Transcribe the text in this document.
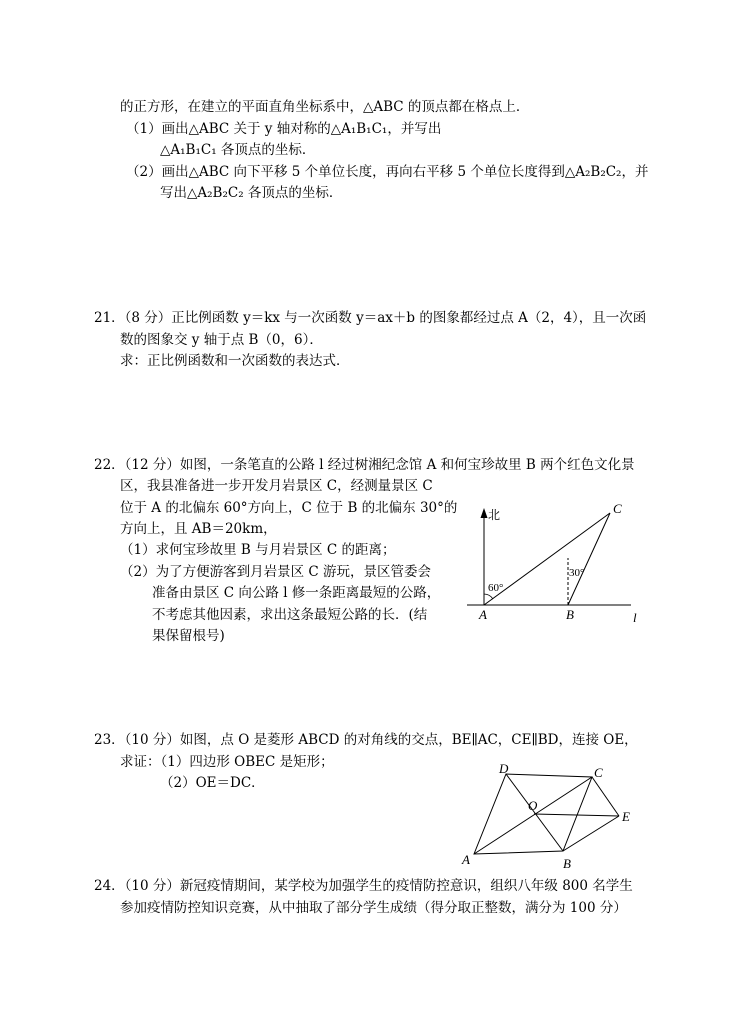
的正方形，在建立的平面直角坐标系中，△ABC 的顶点都在格点上．
（1）画出△ABC 关于 y 轴对称的△A₁B₁C₁，并写出
△A₁B₁C₁ 各顶点的坐标．
（2）画出△ABC 向下平移 5 个单位长度，再向右平移 5 个单位长度得到△A₂B₂C₂，并
写出△A₂B₂C₂ 各顶点的坐标．
21．（8 分）正比例函数 y＝kx 与一次函数 y＝ax＋b 的图象都经过点 A（2，4），且一次函
数的图象交 y 轴于点 B（0，6）．
求：正比例函数和一次函数的表达式．
22．（12 分）如图，一条笔直的公路 l 经过树湘纪念馆 A 和何宝珍故里 B 两个红色文化景
区，我县准备进一步开发月岩景区 C，经测量景区 C
位于 A 的北偏东 60°方向上，C 位于 B 的北偏东 30°的
方向上，且 AB＝20km，
（1）求何宝珍故里 B 与月岩景区 C 的距离；
（2）为了方便游客到月岩景区 C 游玩，景区管委会
准备由景区 C 向公路 l 修一条距离最短的公路，
不考虑其他因素，求出这条最短公路的长．(结
果保留根号)
北
60°
30°
A	B
C
l
23．（10 分）如图，点 O 是菱形 ABCD 的对角线的交点，BE∥AC，CE∥BD，连接 OE，
求证：（1）四边形 OBEC 是矩形；
（2）OE＝DC．
A	B
C
D
E
O
24．（10 分）新冠疫情期间，某学校为加强学生的疫情防控意识，组织八年级 800 名学生
参加疫情防控知识竞赛，从中抽取了部分学生成绩（得分取正整数，满分为 100 分）
